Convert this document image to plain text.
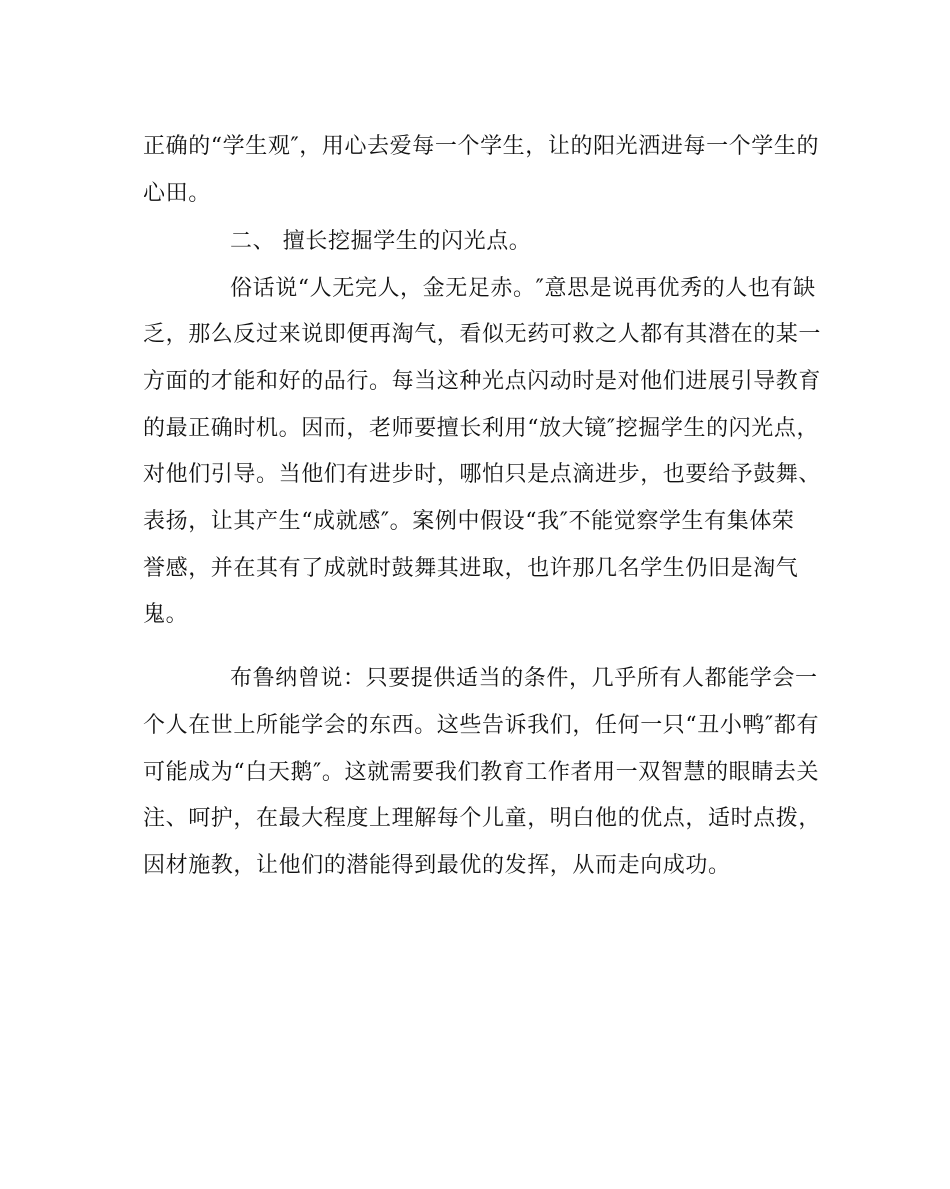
正确的“学生观″，用心去爱每一个学生，让的阳光洒进每一个学生的
心田。
二、 擅长挖掘学生的闪光点。
俗话说“人无完人，金无足赤。″意思是说再优秀的人也有缺
乏，那么反过来说即便再淘气，看似无药可救之人都有其潜在的某一
方面的才能和好的品行。每当这种光点闪动时是对他们进展引导教育
的最正确时机。因而，老师要擅长利用“放大镜″挖掘学生的闪光点，
对他们引导。当他们有进步时，哪怕只是点滴进步，也要给予鼓舞、
表扬，让其产生“成就感″。案例中假设“我″不能觉察学生有集体荣
誉感，并在其有了成就时鼓舞其进取，也许那几名学生仍旧是淘气
鬼。
布鲁纳曾说：只要提供适当的条件，几乎所有人都能学会一
个人在世上所能学会的东西。这些告诉我们，任何一只“丑小鸭″都有
可能成为“白天鹅″。这就需要我们教育工作者用一双智慧的眼睛去关
注、呵护，在最大程度上理解每个儿童，明白他的优点，适时点拨，
因材施教，让他们的潜能得到最优的发挥，从而走向成功。
